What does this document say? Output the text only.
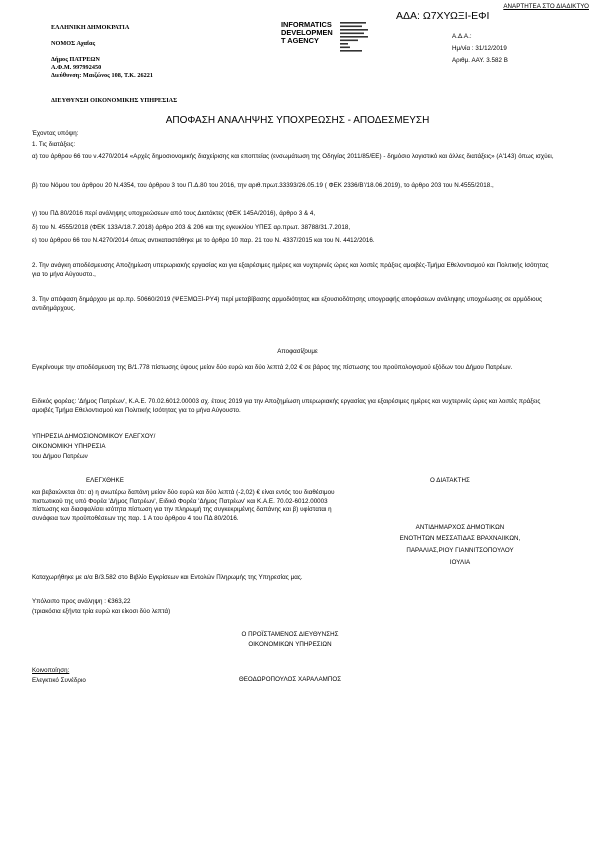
ΑΝΑΡΤΗΤΕΑ ΣΤΟ ΔΙΑΔΙΚΤΥΟ
ΑΔΑ: Ω7ΧΥΩΞΙ-ΕΦΙ
ΕΛΛΗΝΙΚΗ ΔΗΜΟΚΡΑΤΙΑ
ΝΟΜΟΣ Αχαΐας
Δήμος ΠΑΤΡΕΩΝ
Α.Φ.Μ. 997992450
Διεύθυνση: Μαιζώνος 108, Τ.Κ. 26221
INFORMATICS
DEVELOPMEN
T AGENCY	Α.Δ.Α.:
Ημ/νία : 31/12/2019
Αριθμ. ΑΑΥ. 3.582 Β
ΔΙΕΥΘΥΝΣΗ ΟΙΚΟΝΟΜΙΚΗΣ ΥΠΗΡΕΣΙΑΣ
ΑΠΟΦΑΣΗ ΑΝΑΛΗΨΗΣ ΥΠΟΧΡΕΩΣΗΣ - ΑΠΟΔΕΣΜΕΥΣΗ
Έχοντας υπόψη:
1. Τις διατάξεις:
α) του άρθρου 66 του ν.4270/2014 «Αρχές δημοσιονομικής διαχείρισης και εποπτείας (ενσωμάτωση της Οδηγίας 2011/85/ΕΕ) - δημόσιο λογιστικό και άλλες διατάξεις» (Α'143) όπως ισχύει,
β) του Νόμου του άρθρου 20 Ν.4354, του άρθρου 3 του Π.Δ.80 του 2016, την αριθ.πρωτ.33393/26.05.19 ( ΦΕΚ 2336/Β'/18.06.2019), το άρθρο 203 του Ν.4555/2018.,
γ) του ΠΔ 80/2016 περί ανάληψης υποχρεώσεων από τους Διατάκτες (ΦΕΚ 145Α/2016), άρθρο 3 & 4,
δ) του Ν. 4555/2018 (ΦΕΚ 133Α/18.7.2018) άρθρο 203 & 206 και της εγκυκλίου ΥΠΕΣ αρ.πρωτ. 38788/31.7.2018,
ε) του άρθρου 66 του Ν.4270/2014 όπως αντικαταστάθηκε με το άρθρο 10 παρ. 21 του Ν. 4337/2015 και του Ν. 4412/2016.
2. Την ανάγκη αποδέσμευσης Αποζημίωση υπερωριακής εργασίας και για εξαιρέσιμες ημέρες και νυχτερινές ώρες και λοιπές πράξεις αμοιβές-Τμήμα Εθελοντισμού και Πολιτικής Ισότητας για το μήνα Αύγουστο.,
3. Την απόφαση δημάρχου με αρ.πρ. 50660/2019 (ΨΕΞΜΩΞΙ-ΡΥ4) περί μεταβίβασης αρμοδιότητας και εξουσιοδότησης υπογραφής αποφάσεων ανάληψης υποχρέωσης σε αρμόδιους αντιδημάρχους.
Αποφασίζουμε
Εγκρίνουμε την αποδέσμευση της Β/1.778 πίστωσης ύψους μείον δύο ευρώ και δύο λεπτά 2,02 € σε βάρος της πίστωσης του προϋπολογισμού εξόδων του Δήμου Πατρέων.
Ειδικός φορέας: 'Δήμος Πατρέων', Κ.Α.Ε. 70.02.6012.00003 σχ. έτους 2019 για την Αποζημίωση υπερωριακής εργασίας για εξαιρέσιμες ημέρες και νυχτερινές ώρες και λοιπές πράξεις αμοιβές Τμήμα Εθελοντισμού και Πολιτικής Ισότητας για το μήνα Αύγουστο.
ΥΠΗΡΕΣΙΑ ΔΗΜΟΣΙΟΝΟΜΙΚΟΥ ΕΛΕΓΧΟΥ/
ΟΙΚΟΝΟΜΙΚΗ ΥΠΗΡΕΣΙΑ
του Δήμου Πατρέων
ΕΛΕΓΧΘΗΚΕ
και βεβαιώνεται ότι: α) η ανωτέρω δαπάνη μείον δύο ευρώ και δύο λεπτά (-2,02) € είναι εντός του διαθέσιμου πιστωτικού της υπό Φορέα 'Δήμος Πατρέων', Ειδικό Φορέα 'Δήμος Πατρέων' και Κ.Α.Ε. 70.02-6012.00003 πίστωσης και διασφαλίσει ισότητα πίστωση για την πληρωμή της συγκεκριμένης δαπάνης και β) υφίσταται η συνάφεια των προϋποθέσεων της παρ. 1 Α του άρθρου 4 του ΠΔ 80/2016.
Καταχωρήθηκε με α/α Β/3.582 στο Βιβλίο Εγκρίσεων και Εντολών Πληρωμής της Υπηρεσίας μας.
Υπόλοιπο προς ανάληψη : €363,22
(τριακόσια εξήντα τρία ευρώ και είκοσι δύο λεπτά)
Ο ΔΙΑΤΑΚΤΗΣ
ΑΝΤΙΔΗΜΑΡΧΟΣ ΔΗΜΟΤΙΚΩΝ
ΕΝΟΤΗΤΩΝ ΜΕΣΣΑΤΙΔΑΣ ΒΡΑΧΝΑΙΙΚΩΝ,
ΠΑΡΑΛΙΑΣ,ΡΙΟΥ ΓΙΑΝΝΙΤΣΟΠΟΥΛΟΥ
ΙΟΥΛΙΑ
Ο ΠΡΟΪΣΤΑΜΕΝΟΣ ΔΙΕΥΘΥΝΣΗΣ
ΟΙΚΟΝΟΜΙΚΩΝ ΥΠΗΡΕΣΙΩΝ
ΘΕΟΔΩΡΟΠΟΥΛΟΣ ΧΑΡΑΛΑΜΠΟΣ
Κοινοποίηση:
Ελεγκτικό Συνέδριο
